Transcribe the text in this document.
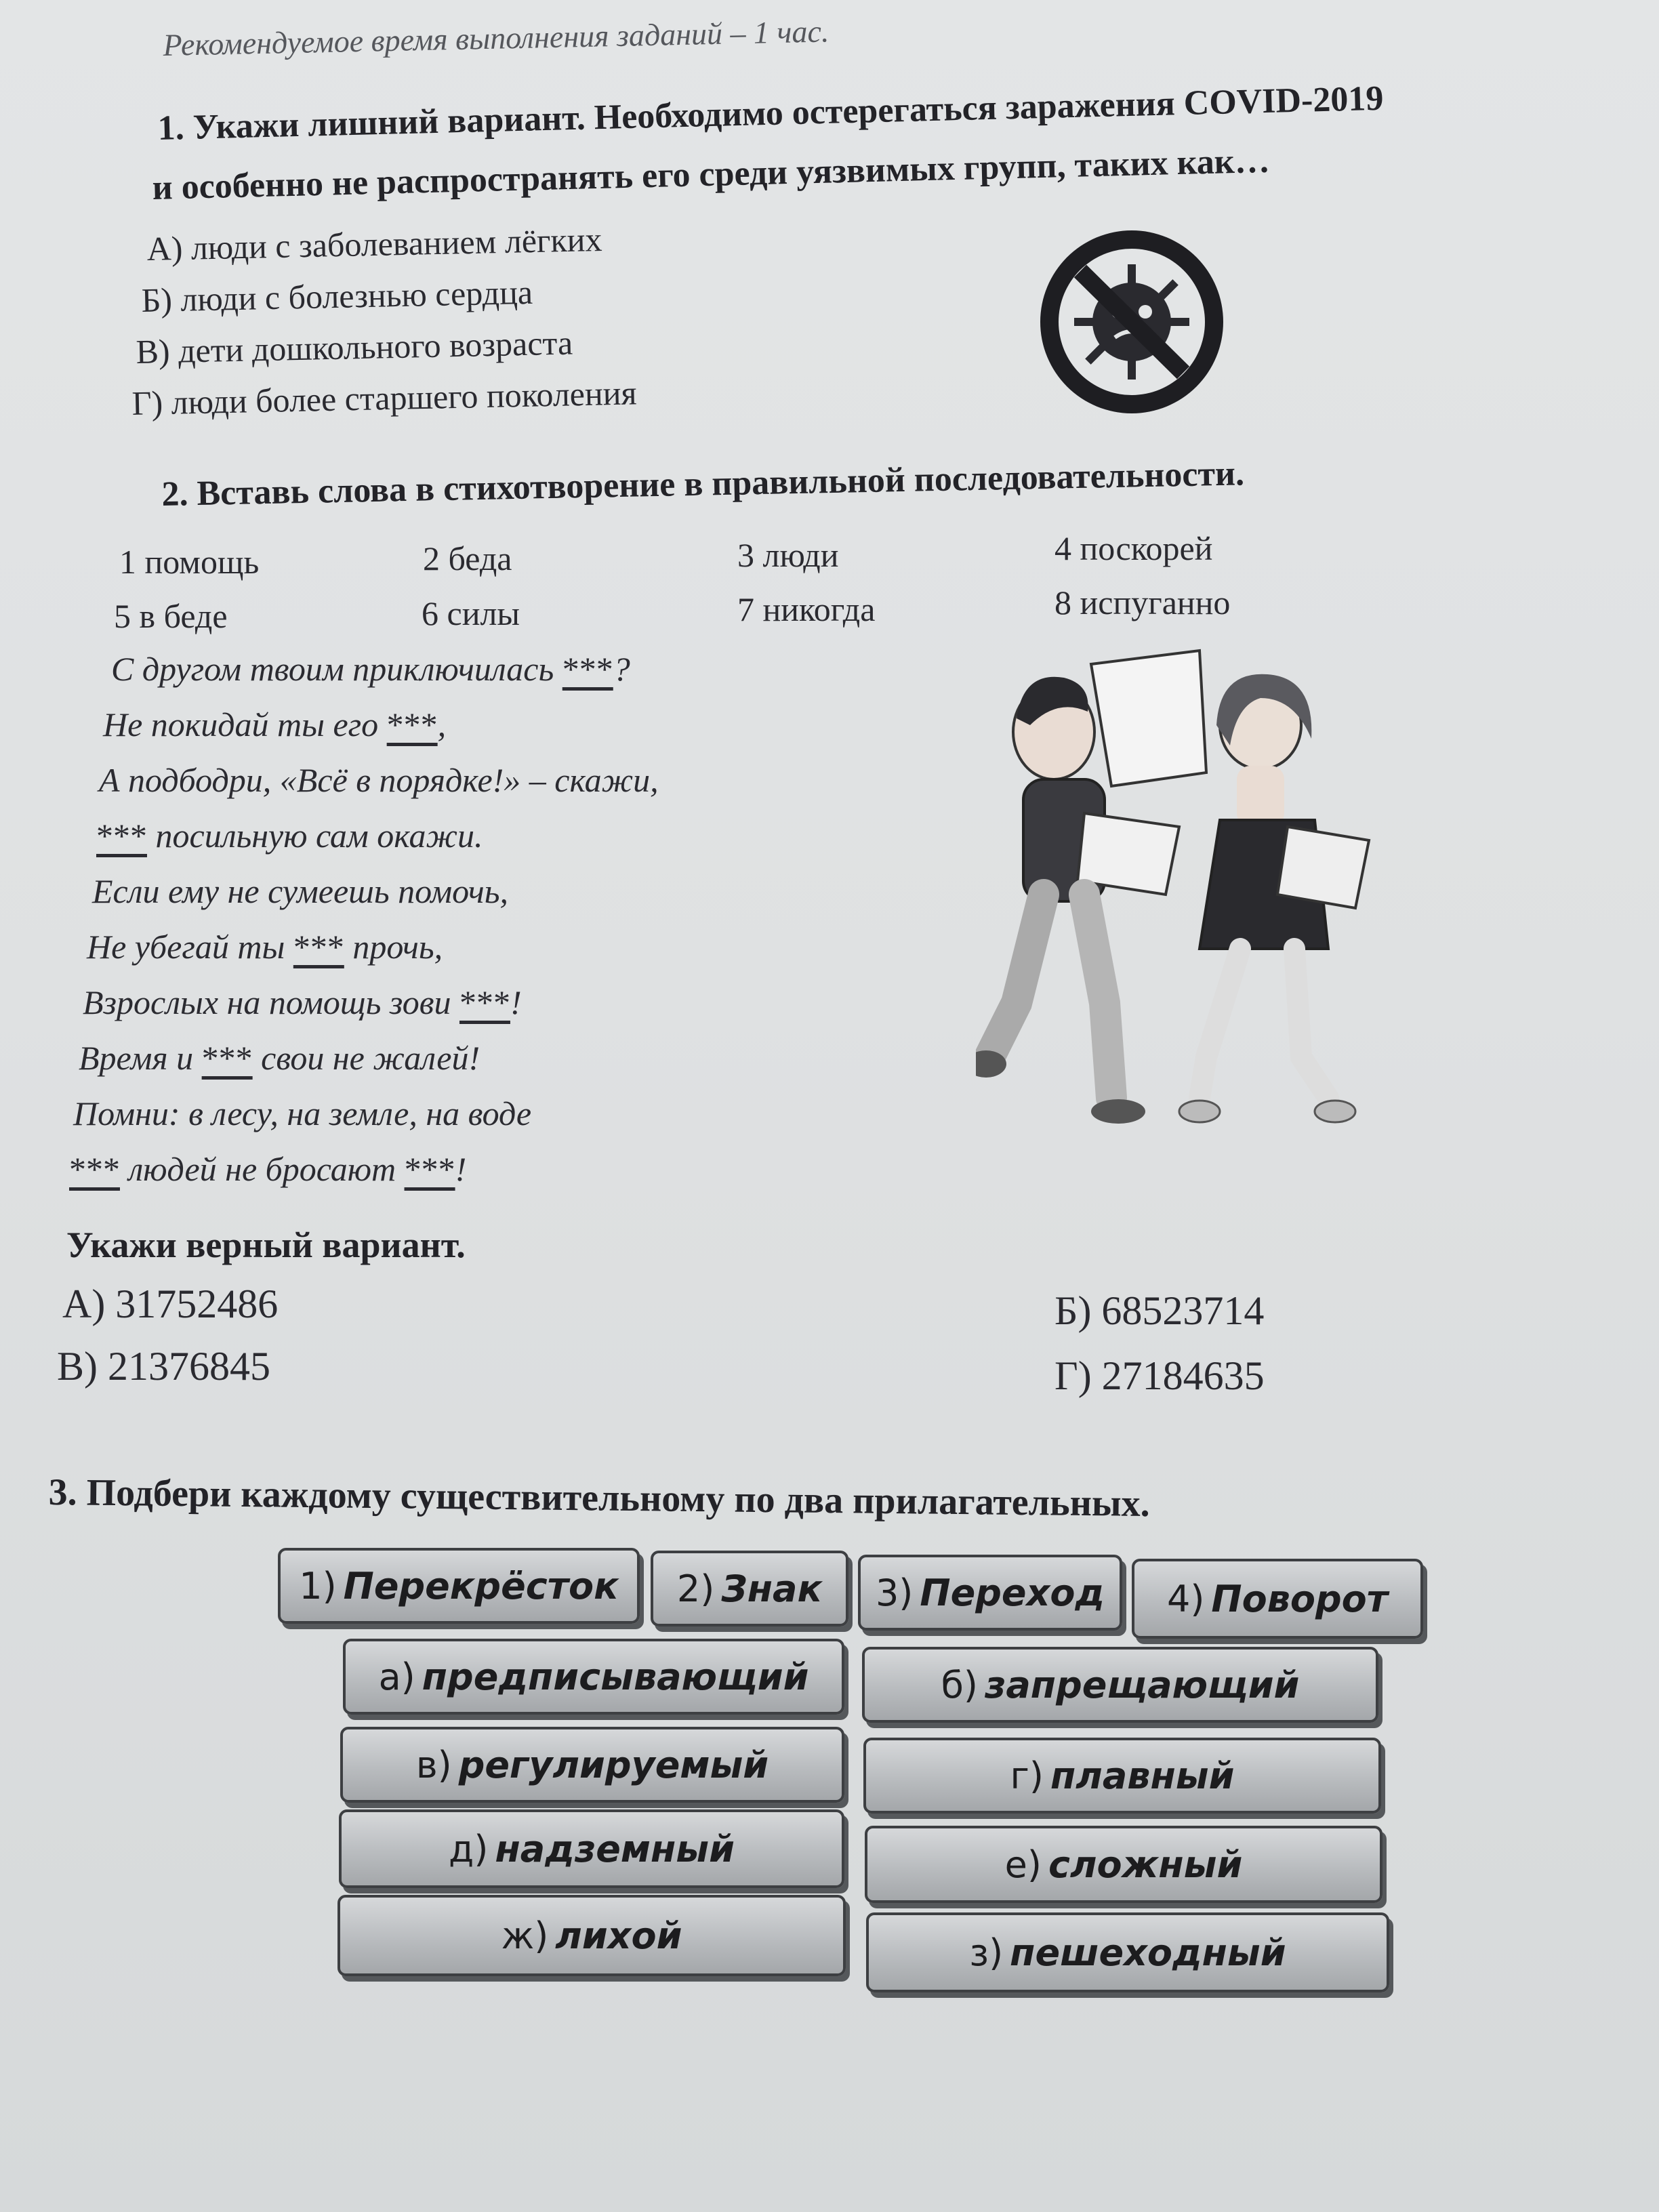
Рекомендуемое время выполнения заданий – 1 час.
1. Укажи лишний вариант. Необходимо остерегаться заражения COVID-2019
и особенно не распространять его среди уязвимых групп, таких как…
А) люди с заболеванием лёгких
Б) люди с болезнью сердца
В) дети дошкольного возраста
Г) люди более старшего поколения
2. Вставь слова в стихотворение в правильной последовательности.
1 помощь	2 беда	3 люди	4 поскорей
5 в беде	6 силы	7 никогда	8 испуганно
С другом твоим приключилась ***?
Не покидай ты его ***,
А подбодри, «Всё в порядке!» – скажи,
*** посильную сам окажи.
Если ему не сумеешь помочь,
Не убегай ты *** прочь,
Взрослых на помощь зови ***!
Время и *** свои не жалей!
Помни: в лесу, на земле, на воде
*** людей не бросают ***!
Укажи верный вариант.
А) 31752486	Б) 68523714
В) 21376845	Г) 27184635
3. Подбери каждому существительному по два прилагательных.
1) Перекрёсток 2) Знак 3) Переход 4) Поворот
а) предписывающий	б) запрещающий
в) регулируемый	г) плавный
д) надземный	е) сложный
ж) лихой	з) пешеходный
